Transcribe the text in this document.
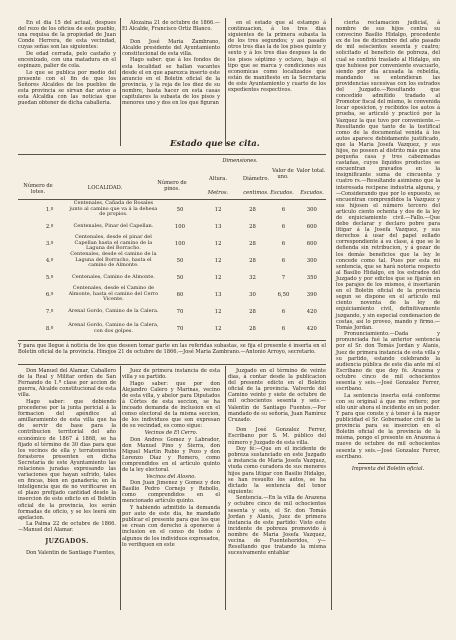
En el dia 15 del actual, despues del rezo de los oficios de este pueblo, una requisa de la propiedad de Juan Conde Herrera, de esta vecindad, cuyas señas son las siguientes:

De edad cerrada, pelo castaño y encenizado, con una matadura en el espinazo, palier de cola.

Lo que se publica por medio del presente con el fin de que los Señores Alcaldes de los pueblos de esta provincia se sirvan dar aviso a esta Alcaldía con las noticias que puedan obtener de dicha caballeria.

Alozaina 21 de octubre de 1866.—El Alcalde, Francisco Ortiz Blanco.

Don José Maria Zambrano, Alcalde presidente del Ayuntamiento constitucional de esta villa.

Hago saber: que á los fondos de esta localidad se hallan vacantes desde el en que aparezca inserto este anuncio en el Boletin oficial de la provincia, y la reja de los diez de su nombre, hasta hacer en esta casas capitulares la subasta de los pisos y menores uno y dos en los que figuran

en el estado que al estampo á continuacion, á los tres dias siguientes de la primera subasta la de los tres segundos; y asi pasado otros tres dias la de los pisos quinto y sexto y á los tres dias despues la de los pisos séptimo y octavo, bajo el tipo que se marca y condiciones sus economicas como localizados que están de manifiesto en la Secretaria de este Ayuntamiento y cuarto de los expedientes respectivos.

cierta reclamacion judicial, á nombre de sus hijos contra su convecino Basilio Hidalgo, procedente ex de los de diciembre del año pasado de mil seiscientos sesenta y cuatro; solicitado el beneficio de pobreza, del cual se confirió traslado al Hidalgo, sin que hubiese por conveniente evacuarlo, siendo por dia acusada la rebeldía, mandando se entendieran las providencias sucesivas con los estrados del Juzgado.—Resultando que concedido admitido tradado al Promotor fiscal del mismo, le convenida locar oposicion, y recibidos los autos á prueba, se articuló y practicó por la Vazquez la que tuvo por conveniente.—Resultando que tanto de la testifical como de la documental venida á los autos aparece debidamente justificado, que la Maria Josefa Vazquez, y sus hijos, no poseen al distrito más que una pequeña casa y tres cabezmadas castañas, cuyos liquidos productos se encuentran gravados en la insignificante suma de cincuenta y cuatro rs.—Resultando asimismo que la interesada recipene industria alguna, y—Considerando que por lo expuesto, se encuentran comprendidos la Vazquez y sus hijosen el número tercero del articulo ciento ochenta y dos de la ley de enjuiciamiento civil.—Fallo.—Que debo declarar y declaro pobre para litigar á la Josefa Vazquez, y sus derechos á usar del papel sellado correspondiente á su clase, á que se le defienda sin retribucion, y á gozar de los demás beneficios que la ley le concede como tal. Pues por esta mi sentencia, que se hará notoria respecto al Basilio Hidalgo, en los estrados del Juzgado y por edictos que se fijarán en los parajes de los mismos, é insertarán en el Boletin oficial de la provincia segun se dispone en el artículo mil ciento noventa de la ley de enjuiciamiento civil, definitivamente juzgando, y sin especial condenacion de costas, así lo proveo, mando y firmo.—Tomás Jordan.

Pronunciamiento.—Dada y pronunciada fué la anterior sentencia por el Sr. don Tomás Jordan y Alanis, Juez de primera instancia de esta villa y su partido, estando celebrando la audiencia pública de este dia ante mí el Escribano de que doy fé. Arazena y octubre cinco de mil ochocientos sesenta y seis.—José Gonzalez Ferrer, escribano.

La sentencia inserta está conforme con su original á que me refiero; por ello unir ahora el incidente en un poder. Y para que conste y á tener á la mayor publicidad el Sr. Gobernador civil de la provincia para su insercion en el Boletin oficial de la provincia de la misma, pongo el presente en Arazena á nueve de octubre de mil ochocientos sesenta y seis.—José Gonzalez Ferrer, escribano.

Imprenta del Boletin oficial.

Estado que se cita.
Dimensiones.
Número de lotes.
LOCALIDAD.
Número de pinos.
Altura.	Diámetro.
Valor de uno.
Valor total.
Metros.	centimos. Escudos.	Escudos.
1.º	Centenales, Cañada de Rosales junto al camino que va á la dehesa de propios.	50	12	28	6	300
2.º	Centenales, Pinar del Capellan.	100	13	28	6	600
3.º	Centenales, desde el pinar del Capellan hasta el camino de la Laguna del Borracho.	100	12	28	6	600
4.º	Centenales, desde el camino de la Laguna del Borracho, hasta el camino de Almonte.	50	12	28	6	300
5.º	Centenales, Camino de Almonte.	50	12	32	7	350
6.º	Centenales, desde el Camino de Almonte, hasta el camino del Cerro Vicente.	60	13	30	6,50	390
7.º	Arenal Gordo, Camino de la Calera.	70	12	28	6	420
8.º	Arenal Gordo, Camino de la Calera, con dos golpes.	70	12	28	6	420
Y para que llegue á noticia de los que deseen tomar parte en las referidas subastas, se fija el presente é inserta en el Boletin oficial de la provincia. Hinojos 21 de octubre de 1866.—José Maria Zambrano.—Antonio Arroyo, secretario.

Don Manuel del Alamar, Caballero de la Real y Militar orden de San Fernando de 1.ª clase por accion de guerra, Alcalde constitucional de esta villa.

Hago saber: que debiendo procederse por la junta pericial á la formacion del apéndice al amillaramiento de esta villa que ha de servir de base para la contribucion territorial del año económico de 1867 á 1868, se ha fijado el término de 30 dias para que los vecinos de ella y terratenientes forasteros presenten en dicha Secretaría de este Ayuntamiento las relaciones juradas expresando las variaciones que hayan sufrido, tales en fincas, bien en ganadería; en la inteligencia que de no verificarse en el plazo prefijado cantidad desde la insercion de este edicto en el Boletin oficial de la provincia, los serán formadas de oficio, y se les leerá sin apelacion.

La Palma 22 de octubre de 1866.—Manuel del Alamar.

JUZGADOS.

Don Valentin de Santiago Fuentes,

Juez de primera instancia de esta villa y su partido.

Hago saber: que por don Alejandro Calero y Marinas, vecino de esta villa, y abelor para Diputados á Córtes de esta seccion, se ha incoado demanda de inclusion en el censo electoral de la misma seccion, de los individuos que son expresan de su vecindad, es como sigue:

Vecinos de El Cerro.

Don Andres Gomez y Labrador, don Manuel Pino y Sierra, don Miguel Martin Rubio y Pozo y don Lorenzo Diaz y Romero, como comprendidos en el artículo quinto de la ley electoral.

Vecinos del Alosno.

Don Juan Jimenez y Gomez y don Basilio Pedro Cornejo y Rebollo, como comprendidos en el mencionado artículo quinto.

Y habiendo admitido la demanda por auto de este dia, he mandado publicar el presente para que los que se crean con derecho á oponerse á inclusion en el censo de todos ó algunos de los individuos expresados, lo verifiquen en este

Juzgado en el término de veinte dias, á contar desde la publicacion del presente edicto en el Boletin oficial de la provincia. Valverde del Camino veinte y siete de octubre de mil ochocientos sesenta y seis.—Valentin de Santiago Fuentes.—Por mandado de su señoría, Juan Ramirez Cruzado.

Don José Gonzalez Ferrer, Escribano por S. M. público del número y Juzgado de esta villa.

Doy fé:—Que en el incidente de pobreza sustanciado en este Juzgado á instancia de Maria Josefa Vazquez, viuda como curadora de sus menores hijos para litigar con Basilio Hidalgo, se han resuelto los autos, se ha dictado la sentencia del tenor siguiente:

Sentencia.—En la villa de Arazena y octubre cinco de mil ochocientos sesenta y seis, el Sr. don Tomás Jordan y Alanis, Juez de primera instancia de este partido: Visto este incidente de pobreza promovido á nombre de Maria Josefa Vazquez, vecina de Fuenteheridos, y—Resultando que tratando la misma sucesivamente entablar
